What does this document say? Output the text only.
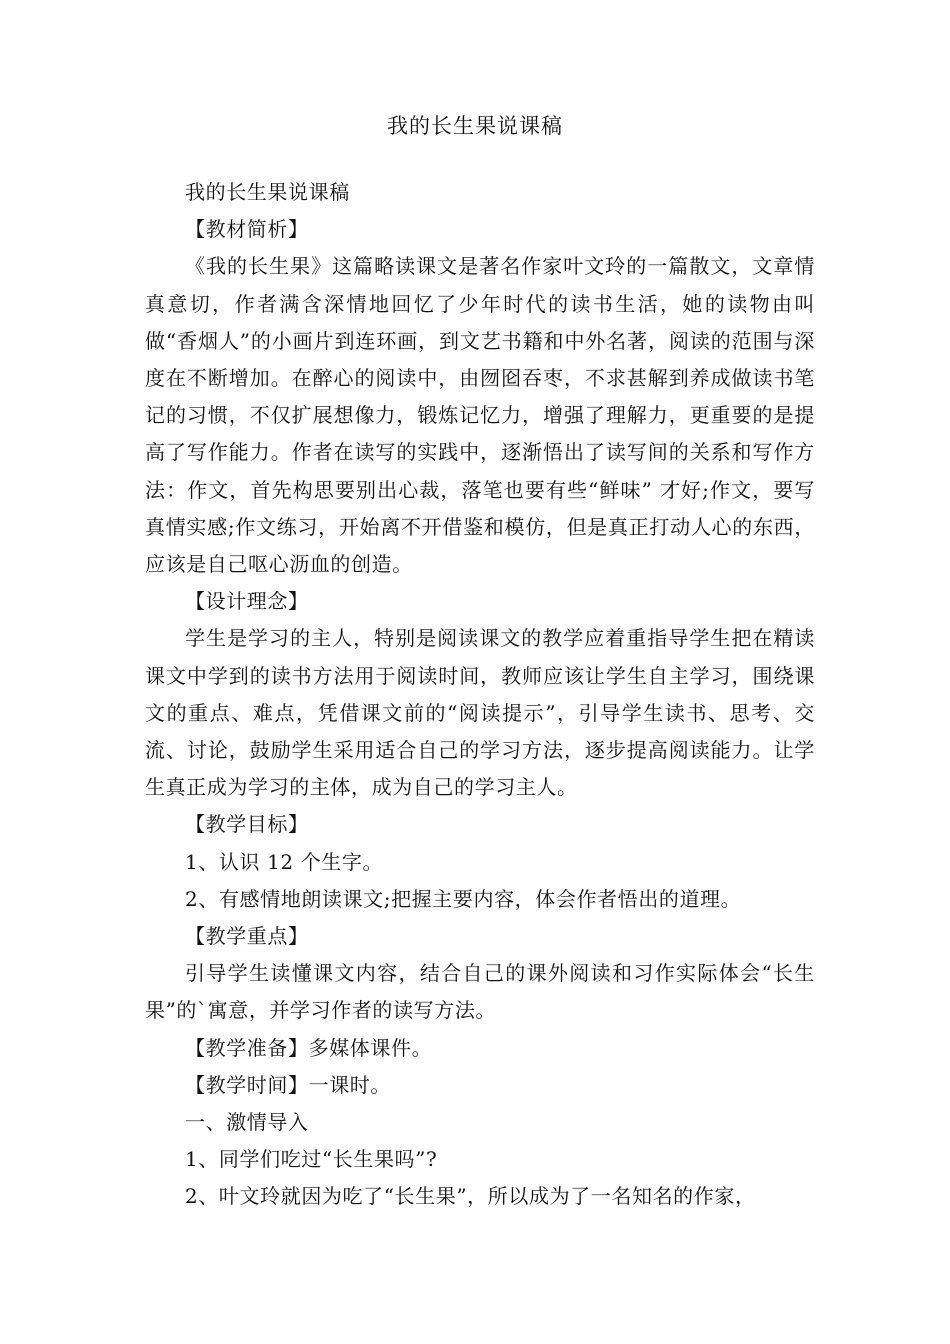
我的长生果说课稿

我的长生果说课稿

【教材简析】

《我的长生果》这篇略读课文是著名作家叶文玲的一篇散文，文章情真意切，作者满含深情地回忆了少年时代的读书生活，她的读物由叫做“香烟人”的小画片到连环画，到文艺书籍和中外名著，阅读的范围与深度在不断增加。在醉心的阅读中，由囫囵吞枣，不求甚解到养成做读书笔记的习惯，不仅扩展想像力，锻炼记忆力，增强了理解力，更重要的是提高了写作能力。作者在读写的实践中，逐渐悟出了读写间的关系和写作方法：作文，首先构思要别出心裁，落笔也要有些“鲜味” 才好;作文，要写真情实感;作文练习，开始离不开借鉴和模仿，但是真正打动人心的东西，应该是自己呕心沥血的创造。

【设计理念】

学生是学习的主人，特别是阅读课文的教学应着重指导学生把在精读课文中学到的读书方法用于阅读时间，教师应该让学生自主学习，围绕课文的重点、难点，凭借课文前的“阅读提示”，引导学生读书、思考、交流、讨论，鼓励学生采用适合自己的学习方法，逐步提高阅读能力。让学生真正成为学习的主体，成为自己的学习主人。

【教学目标】

1、认识 12 个生字。

2、有感情地朗读课文;把握主要内容，体会作者悟出的道理。

【教学重点】

引导学生读懂课文内容，结合自己的课外阅读和习作实际体会“长生果”的`寓意，并学习作者的读写方法。

【教学准备】多媒体课件。

【教学时间】一课时。

一、激情导入

1、同学们吃过“长生果吗”?

2、叶文玲就因为吃了“长生果”，所以成为了一名知名的作家，
